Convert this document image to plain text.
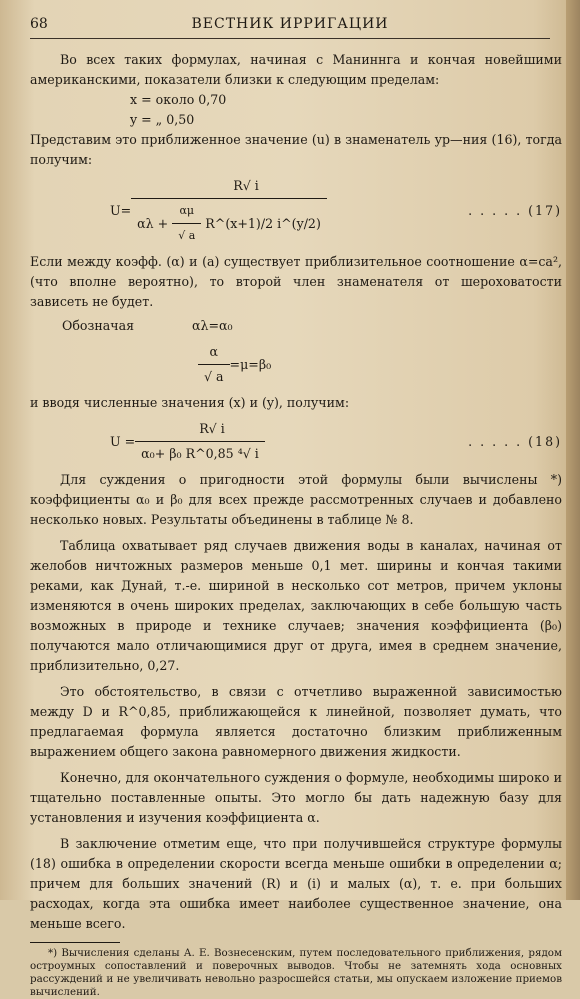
68	ВЕСТНИК ИРРИГАЦИИ

Во всех таких формулах, начиная с Маниннга и кончая новейшими американскими, показатели близки к следующим пределам:

x = около 0,70
y = „ 0,50

Представим это приближенное значение (u) в знаменатель ур—ния (16), тогда получим:

U=
R√ i
$\alpha\lambda + \frac{\alpha\mu}{√ a}$ R^(x+1)/2 i^(y/2)
. . . . . (17)

Если между коэфф. (α) и (a) существует приблизительное соотношение α=ca², (что вполне вероятно), то второй член знаменателя от шероховатости зависеть не будет.

Обозначая	αλ=α₀
$\frac{\alpha}{√ a} =\mu=\beta_0$

и вводя численные значения (x) и (y), получим:

$U = \frac{R√ i}{\text{α₀+ β₀ R\textasciicircum{}0,85 ⁴√ i}}$	. . . . . (18)

Для суждения о пригодности этой формулы были вычислены *) коэффициенты α₀ и β₀ для всех прежде рассмотренных случаев и добавлено несколько новых. Результаты объединены в таблице № 8.

Таблица охватывает ряд случаев движения воды в каналах, начиная от желобов ничтожных размеров меньше 0,1 мет. ширины и кончая такими реками, как Дунай, т.-е. шириной в несколько сот метров, причем уклоны изменяются в очень широких пределах, заключающих в себе большую часть возможных в природе и технике случаев; значения коэффициента (β₀) получаются мало отличающимися друг от друга, имея в среднем значение, приблизительно, 0,27.

Это обстоятельство, в связи с отчетливо выраженной зависимостью между D и R^0,85, приближающейся к линейной, позволяет думать, что предлагаемая формула является достаточно близким приближенным выражением общего закона равномерного движения жидкости.

Конечно, для окончательного суждения о формуле, необходимы широко и тщательно поставленные опыты. Это могло бы дать надежную базу для установления и изучения коэффициента α.

В заключение отметим еще, что при получившейся структуре формулы (18) ошибка в определении скорости всегда меньше ошибки в определении α; причем для больших значений (R) и (i) и малых (α), т. е. при больших расходах, когда эта ошибка имеет наиболее существенное значение, она меньше всего.

*) Вычисления сделаны А. Е. Вознесенским, путем последовательного приближения, рядом остроумных сопоставлений и поверочных выводов. Чтобы не затемнять хода основных рассуждений и не увеличивать невольно разросшейся статьи, мы опускаем изложение приемов вычислений.
